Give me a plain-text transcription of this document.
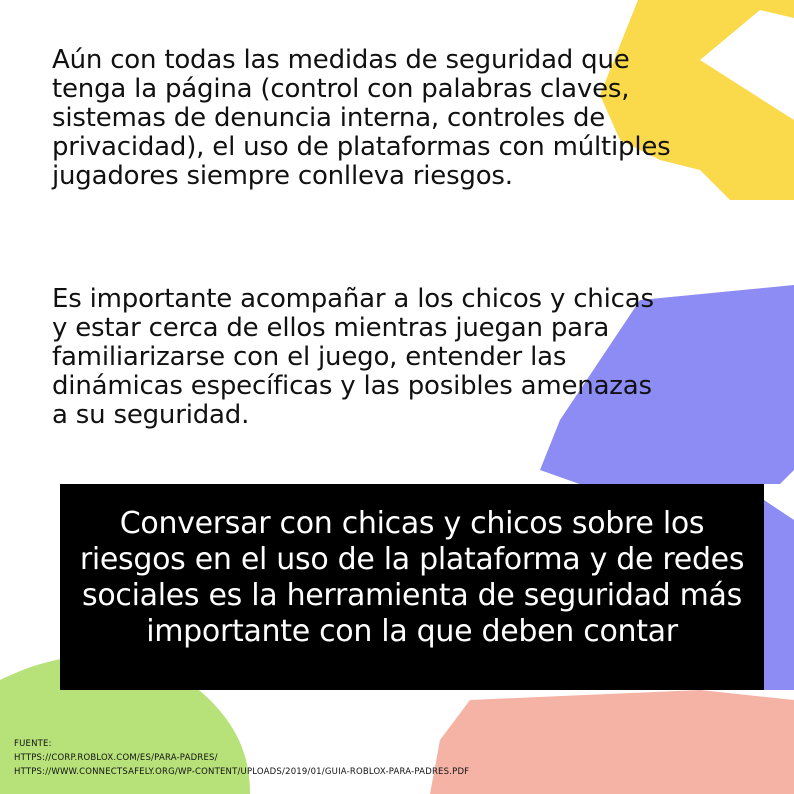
Aún con todas las medidas de seguridad que tenga la página (control con palabras claves, sistemas de denuncia interna, controles de privacidad), el uso de plataformas con múltiples jugadores siempre conlleva riesgos.

Es importante acompañar a los chicos y chicas y estar cerca de ellos mientras juegan para familiarizarse con el juego, entender las dinámicas específicas y las posibles amenazas a su seguridad.

Conversar con chicas y chicos sobre los riesgos en el uso de la plataforma y de redes sociales es la herramienta de seguridad más importante con la que deben contar
FUENTE:
HTTPS://CORP.ROBLOX.COM/ES/PARA-PADRES/
HTTPS://WWW.CONNECTSAFELY.ORG/WP-CONTENT/UPLOADS/2019/01/GUIA-ROBLOX-PARA-PADRES.PDF
